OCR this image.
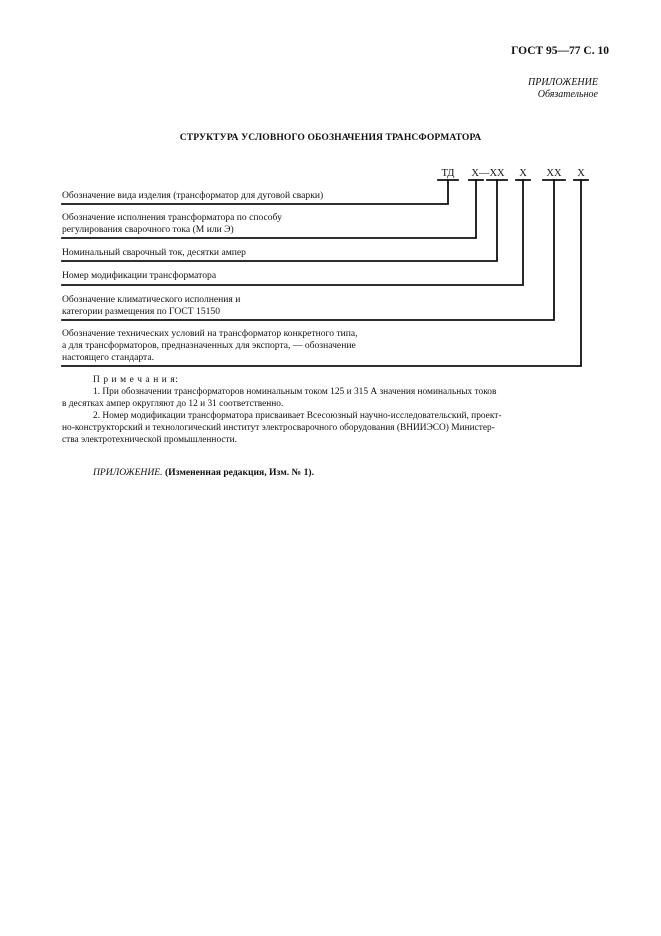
ГОСТ 95—77 С. 10
ПРИЛОЖЕНИЕ
Обязательное
СТРУКТУРА УСЛОВНОГО ОБОЗНАЧЕНИЯ ТРАНСФОРМАТОРА
ТД	Х—ХХ	Х	ХХ	Х
Обозначение вида изделия (трансформатор для дуговой сварки)
Обозначение исполнения трансформатора по способу
регулирования сварочного тока (М или Э)
Номинальный сварочный ток, десятки ампер
Номер модификации трансформатора
Обозначение климатического исполнения и
категории размещения по ГОСТ 15150
Обозначение технических условий на трансформатор конкретного типа,
а для трансформаторов, предназначенных для экспорта, — обозначение
настоящего стандарта.
П р и м е ч а н и я:
1. При обозначении трансформаторов номинальным током 125 и 315 А значения номинальных токов
в десятках ампер округляют до 12 и 31 соответственно.
2. Номер модификации трансформатора присваивает Всесоюзный научно-исследовательский, проект-
но-конструкторский и технологический институт электросварочного оборудования (ВНИИЭСО) Министер-
ства электротехнической промышленности.
ПРИЛОЖЕНИЕ. (Измененная редакция, Изм. № 1).
